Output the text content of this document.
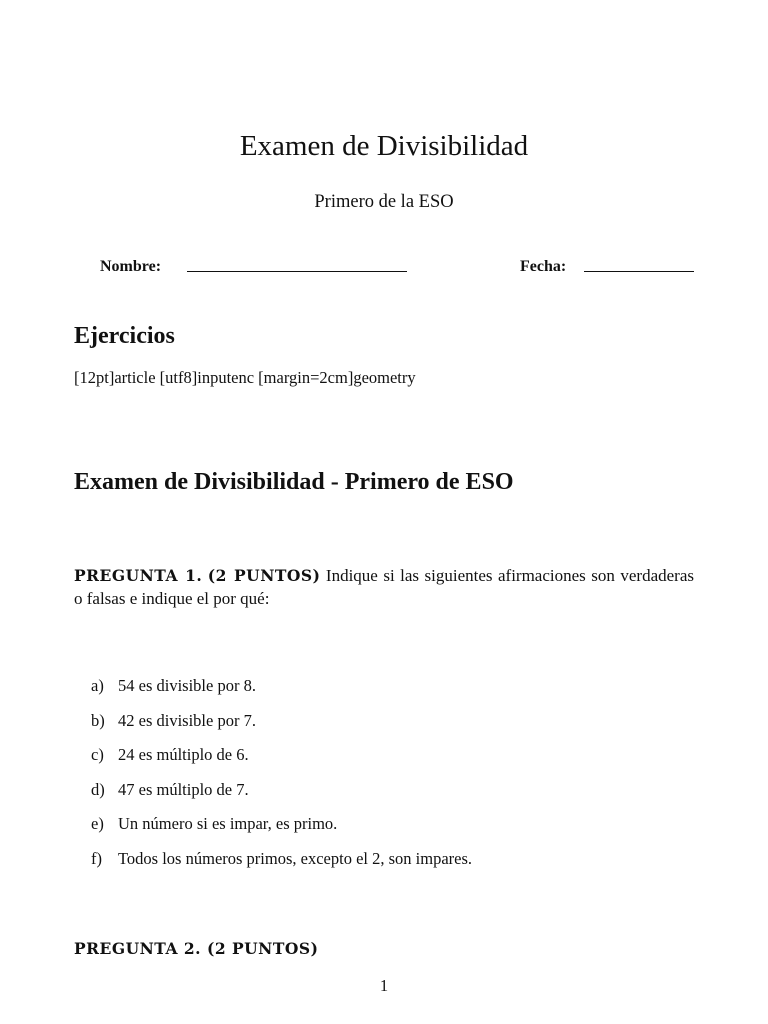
Examen de Divisibilidad
Primero de la ESO
Nombre:	Fecha:
Ejercicios
[12pt]article [utf8]inputenc [margin=2cm]geometry
Examen de Divisibilidad - Primero de ESO
PREGUNTA 1. (2 PUNTOS) Indique si las siguientes afirmaciones son verdaderas o falsas e indique el por qué:
a) 54 es divisible por 8.
b) 42 es divisible por 7.
c) 24 es múltiplo de 6.
d) 47 es múltiplo de 7.
e) Un número si es impar, es primo.
f) Todos los números primos, excepto el 2, son impares.
PREGUNTA 2. (2 PUNTOS)
1
